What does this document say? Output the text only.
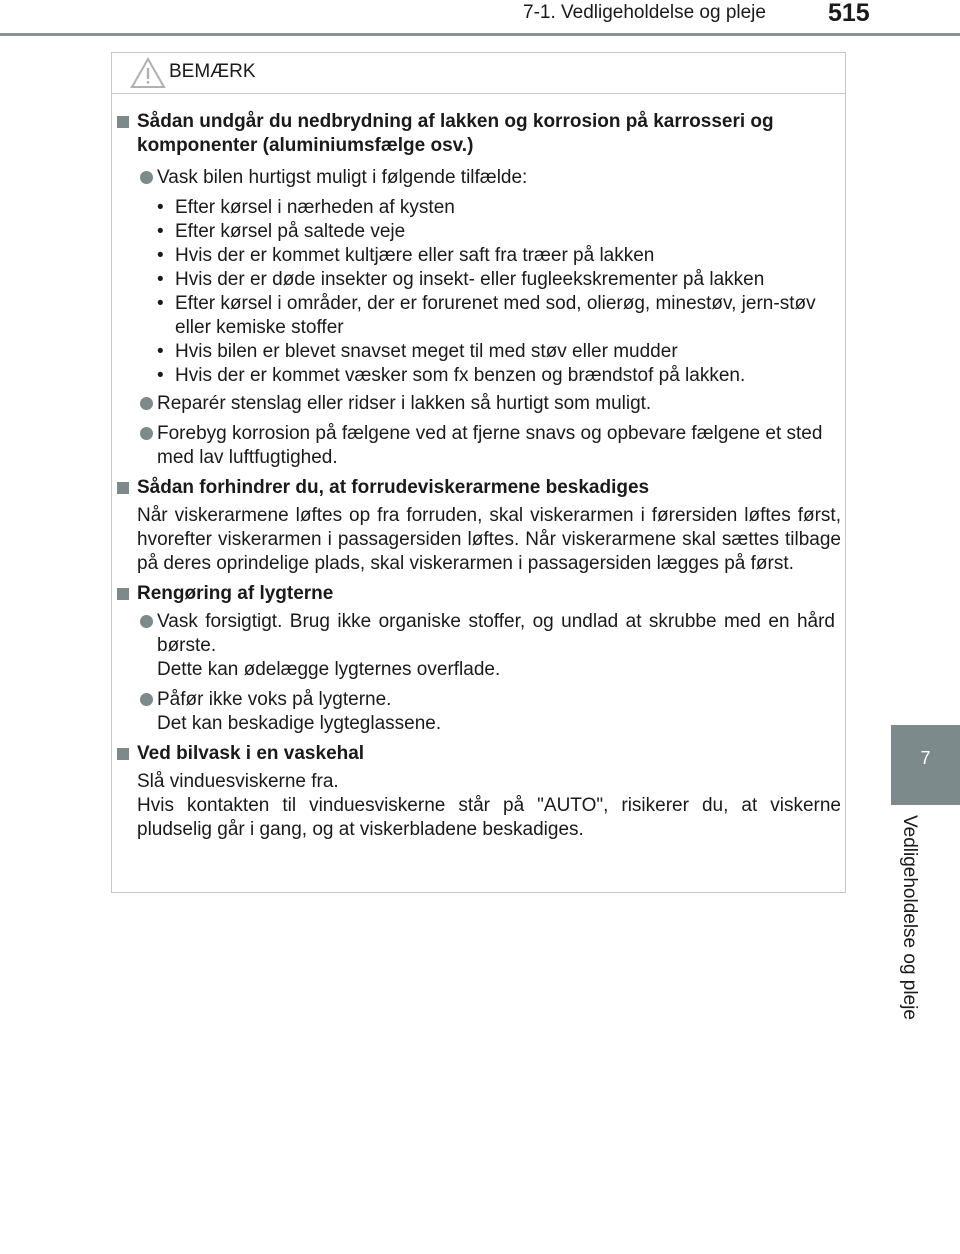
7-1. Vedligeholdelse og pleje 515
7
Vedligeholdelse og pleje
BEMÆRK
Sådan undgår du nedbrydning af lakken og korrosion på karrosseri og komponenter (aluminiumsfælge osv.)
Vask bilen hurtigst muligt i følgende tilfælde:
• Efter kørsel i nærheden af kysten
• Efter kørsel på saltede veje
• Hvis der er kommet kultjære eller saft fra træer på lakken
• Hvis der er døde insekter og insekt- eller fugleekskrementer på lakken
• Efter kørsel i områder, der er forurenet med sod, olierøg, minestøv, jern-støv eller kemiske stoffer
• Hvis bilen er blevet snavset meget til med støv eller mudder
• Hvis der er kommet væsker som fx benzen og brændstof på lakken.
Reparér stenslag eller ridser i lakken så hurtigt som muligt.
Forebyg korrosion på fælgene ved at fjerne snavs og opbevare fælgene et sted med lav luftfugtighed.
Sådan forhindrer du, at forrudeviskerarmene beskadiges
Når viskerarmene løftes op fra forruden, skal viskerarmen i førersiden løftes først, hvorefter viskerarmen i passagersiden løftes. Når viskerarmene skal sættes tilbage på deres oprindelige plads, skal viskerarmen i passagersiden lægges på først.
Rengøring af lygterne
Vask forsigtigt. Brug ikke organiske stoffer, og undlad at skrubbe med en hård børste.
Dette kan ødelægge lygternes overflade.
Påfør ikke voks på lygterne.
Det kan beskadige lygteglassene.
Ved bilvask i en vaskehal
Slå vinduesviskerne fra.
Hvis kontakten til vinduesviskerne står på "AUTO", risikerer du, at viskerne pludselig går i gang, og at viskerbladene beskadiges.
